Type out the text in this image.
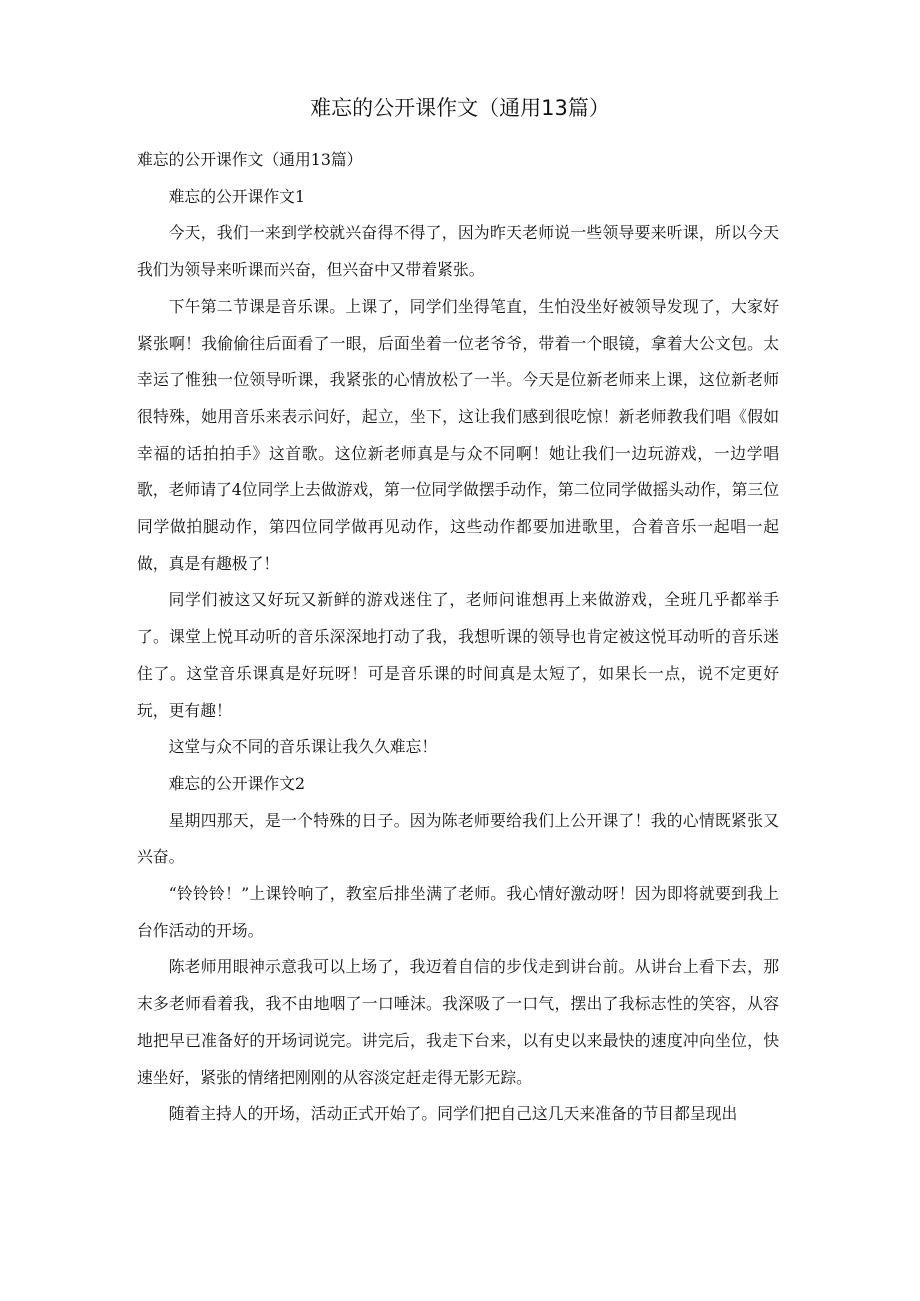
难忘的公开课作文（通用13篇）

难忘的公开课作文（通用13篇）

难忘的公开课作文1

今天，我们一来到学校就兴奋得不得了，因为昨天老师说一些领导要来听课，所以今天我们为领导来听课而兴奋，但兴奋中又带着紧张。

下午第二节课是音乐课。上课了，同学们坐得笔直，生怕没坐好被领导发现了，大家好紧张啊！我偷偷往后面看了一眼，后面坐着一位老爷爷，带着一个眼镜，拿着大公文包。太幸运了惟独一位领导听课，我紧张的心情放松了一半。今天是位新老师来上课，这位新老师很特殊，她用音乐来表示问好，起立，坐下，这让我们感到很吃惊！新老师教我们唱《假如幸福的话拍拍手》这首歌。这位新老师真是与众不同啊！她让我们一边玩游戏，一边学唱歌，老师请了4位同学上去做游戏，第一位同学做摆手动作，第二位同学做摇头动作，第三位同学做拍腿动作，第四位同学做再见动作，这些动作都要加进歌里，合着音乐一起唱一起做，真是有趣极了！

同学们被这又好玩又新鲜的游戏迷住了，老师问谁想再上来做游戏，全班几乎都举手了。课堂上悦耳动听的音乐深深地打动了我，我想听课的领导也肯定被这悦耳动听的音乐迷住了。这堂音乐课真是好玩呀！可是音乐课的时间真是太短了，如果长一点，说不定更好玩，更有趣！

这堂与众不同的音乐课让我久久难忘！

难忘的公开课作文2

星期四那天，是一个特殊的日子。因为陈老师要给我们上公开课了！我的心情既紧张又兴奋。

“铃铃铃！”上课铃响了，教室后排坐满了老师。我心情好激动呀！因为即将就要到我上台作活动的开场。

陈老师用眼神示意我可以上场了，我迈着自信的步伐走到讲台前。从讲台上看下去，那末多老师看着我，我不由地咽了一口唾沫。我深吸了一口气，摆出了我标志性的笑容，从容地把早已准备好的开场词说完。讲完后，我走下台来，以有史以来最快的速度冲向坐位，快速坐好，紧张的情绪把刚刚的从容淡定赶走得无影无踪。

随着主持人的开场，活动正式开始了。同学们把自己这几天来准备的节目都呈现出
